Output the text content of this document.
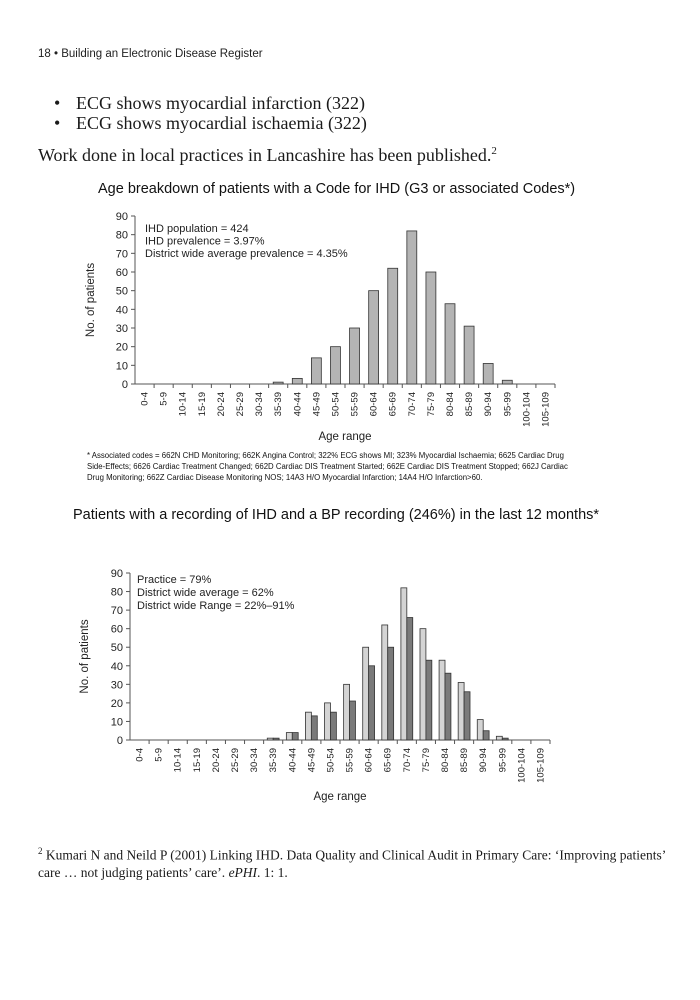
18 • Building an Electronic Disease Register
• ECG shows myocardial infarction (322)
• ECG shows myocardial ischaemia (322)
Work done in local practices in Lancashire has been published.$^2$
Age breakdown of patients with a Code for IHD (G3 or associated Codes*)
0
10
20
30
40
50
60
70
80
90
0-4 5-9 10-14 15-19 20-24 25-29 30-34 35-39 40-44 45-49 50-54 55-59 60-64 65-69 70-74 75-79 80-84 85-89 90-94 95-99 100-104 105-109
IHD population = 424
IHD prevalence = 3.97%
District wide average prevalence = 4.35%
No. of patients
Age range
* Associated codes = 662N CHD Monitoring; 662K Angina Control; 322% ECG shows MI; 323% Myocardial Ischaemia; 6625 Cardiac Drug Side-Effects; 6626 Cardiac Treatment Changed; 662D Cardiac DIS Treatment Started; 662E Cardiac DIS Treatment Stopped; 662J Cardiac Drug Monitoring; 662Z Cardiac Disease Monitoring NOS; 14A3 H/O Myocardial Infarction; 14A4 H/O Infarction>60.
Patients with a recording of IHD and a BP recording (246%) in the last 12 months*
0
10
20
30
40
50
60
70
80
90
0-4 5-9 10-14 15-19 20-24 25-29 30-34 35-39 40-44 45-49 50-54 55-59 60-64 65-69 70-74 75-79 80-84 85-89 90-94 95-99 100-104 105-109
Practice = 79%
District wide average = 62%
District wide Range = 22%–91%
No. of patients
Age range
$^2$ Kumari N and Neild P (2001) Linking IHD. Data Quality and Clinical Audit in Primary Care: ‘Improving patients’ care … not judging patients’ care’. ePHI. 1: 1.
